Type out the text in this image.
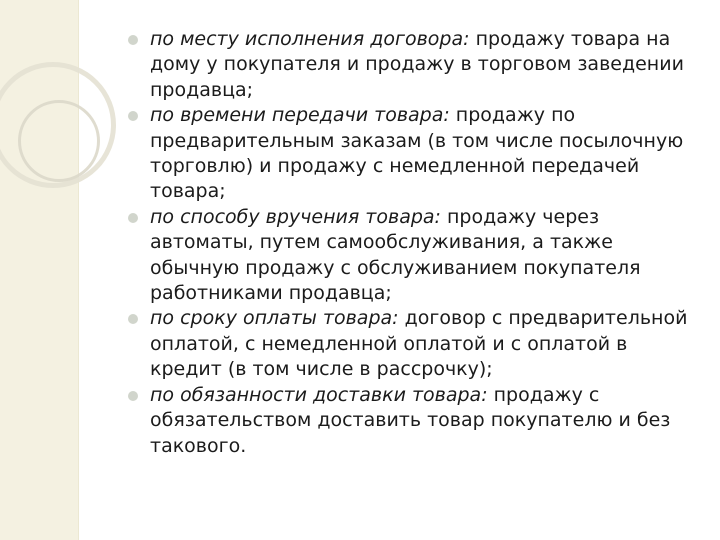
по месту исполнения договора: продажу товара на дому у покупателя и продажу в торговом заведении продавца;
по времени передачи товара: продажу по предварительным заказам (в том числе посылочную торговлю) и продажу с немедленной передачей товара;
по способу вручения товара: продажу через автоматы, путем самообслуживания, а также обычную продажу с обслуживанием покупателя работниками продавца;
по сроку оплаты товара: договор с предварительной оплатой, с немедленной оплатой и с оплатой в кредит (в том числе в рассрочку);
по обязанности доставки товара: продажу с обязательством доставить товар покупателю и без такового.
